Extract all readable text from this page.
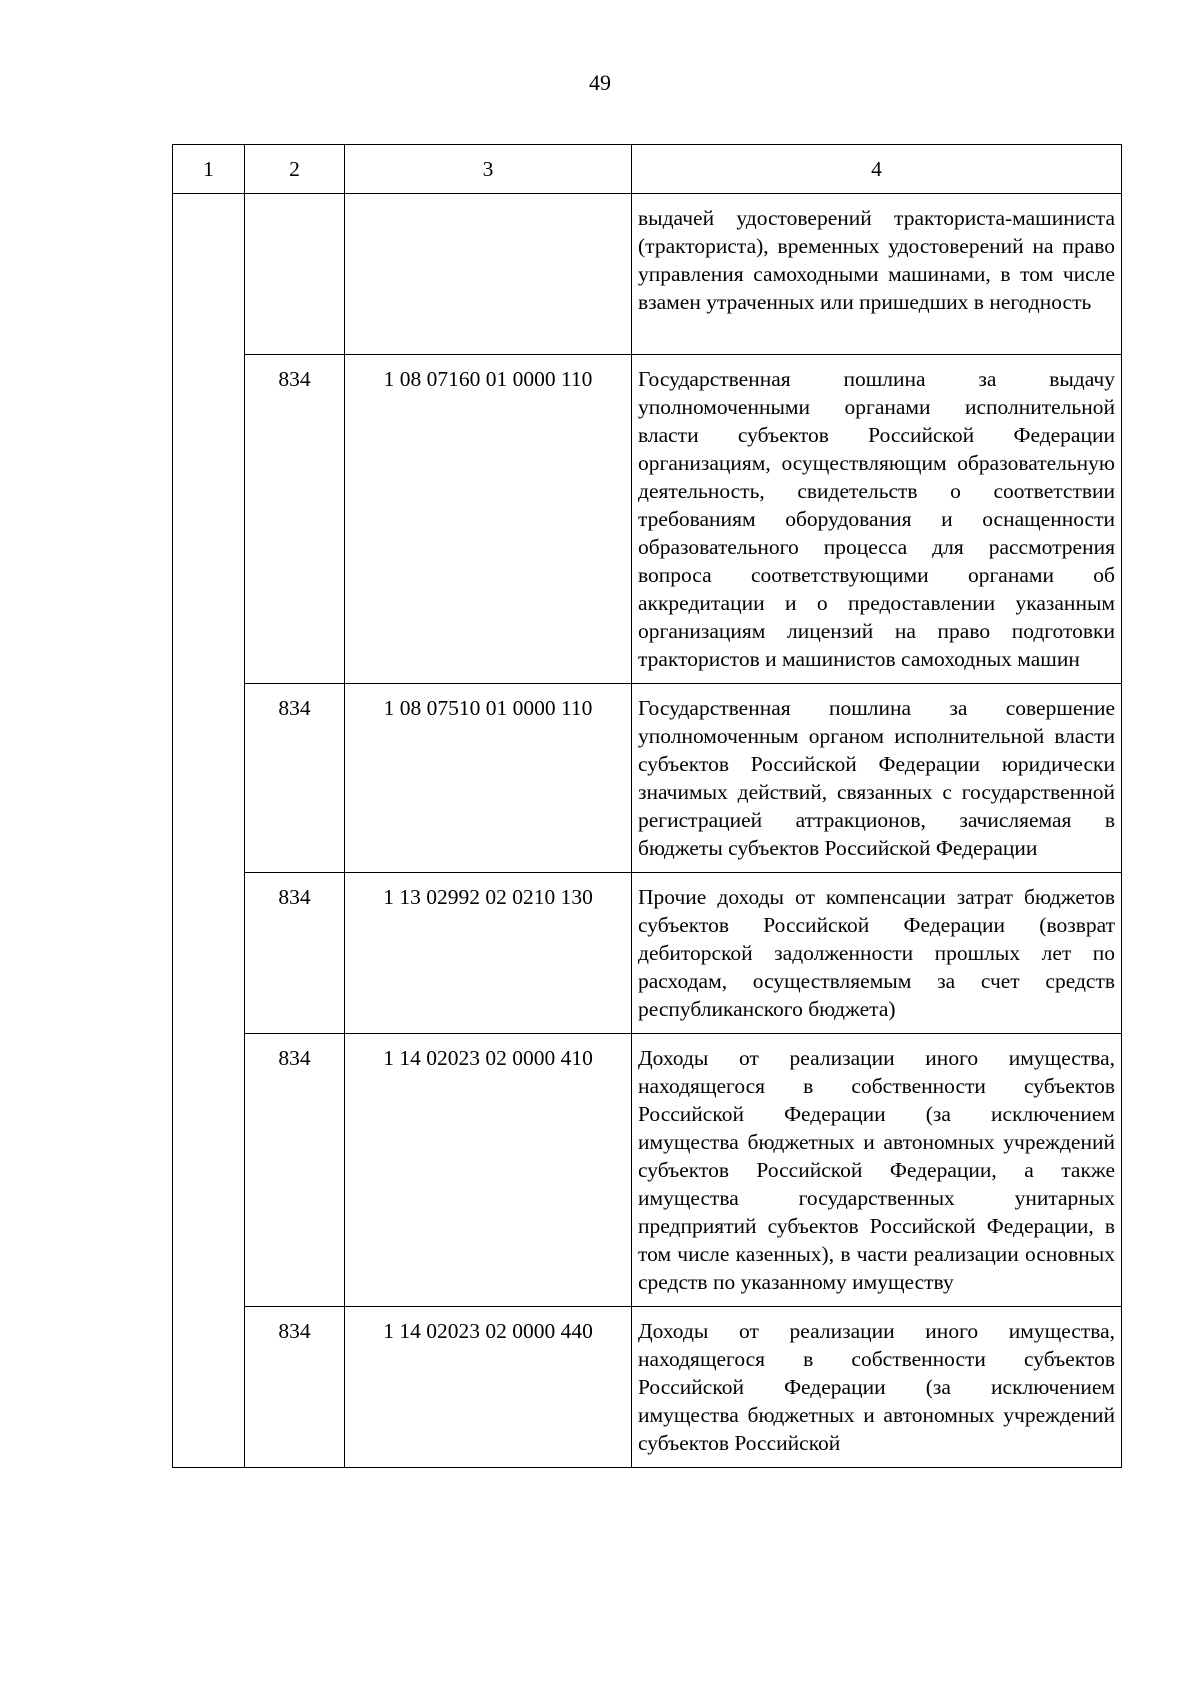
49
1	2	3	4
			выдачей удостоверений тракториста-машиниста (тракториста), временных удостоверений на право управления самоходными машинами, в том числе взамен утраченных или пришедших в негодность
	834	1 08 07160 01 0000 110	Государственная пошлина за выдачу уполномоченными органами исполнительной власти субъектов Российской Федерации организациям, осуществляющим образовательную деятельность, свидетельств о соответствии требованиям оборудования и оснащенности образовательного процесса для рассмотрения вопроса соответствующими органами об аккредитации и о предоставлении указанным организациям лицензий на право подготовки трактористов и машинистов самоходных машин
	834	1 08 07510 01 0000 110	Государственная пошлина за совершение уполномоченным органом исполнительной власти субъектов Российской Федерации юридически значимых действий, связанных с государственной регистрацией аттракционов, зачисляемая в бюджеты субъектов Российской Федерации
	834	1 13 02992 02 0210 130	Прочие доходы от компенсации затрат бюджетов субъектов Российской Федерации (возврат дебиторской задолженности прошлых лет по расходам, осуществляемым за счет средств республиканского бюджета)
	834	1 14 02023 02 0000 410	Доходы от реализации иного имущества, находящегося в собственности субъектов Российской Федерации (за исключением имущества бюджетных и автономных учреждений субъектов Российской Федерации, а также имущества государственных унитарных предприятий субъектов Российской Федерации, в том числе казенных), в части реализации основных средств по указанному имуществу
	834	1 14 02023 02 0000 440	Доходы от реализации иного имущества, находящегося в собственности субъектов Российской Федерации (за исключением имущества бюджетных и автономных учреждений субъектов Российской
